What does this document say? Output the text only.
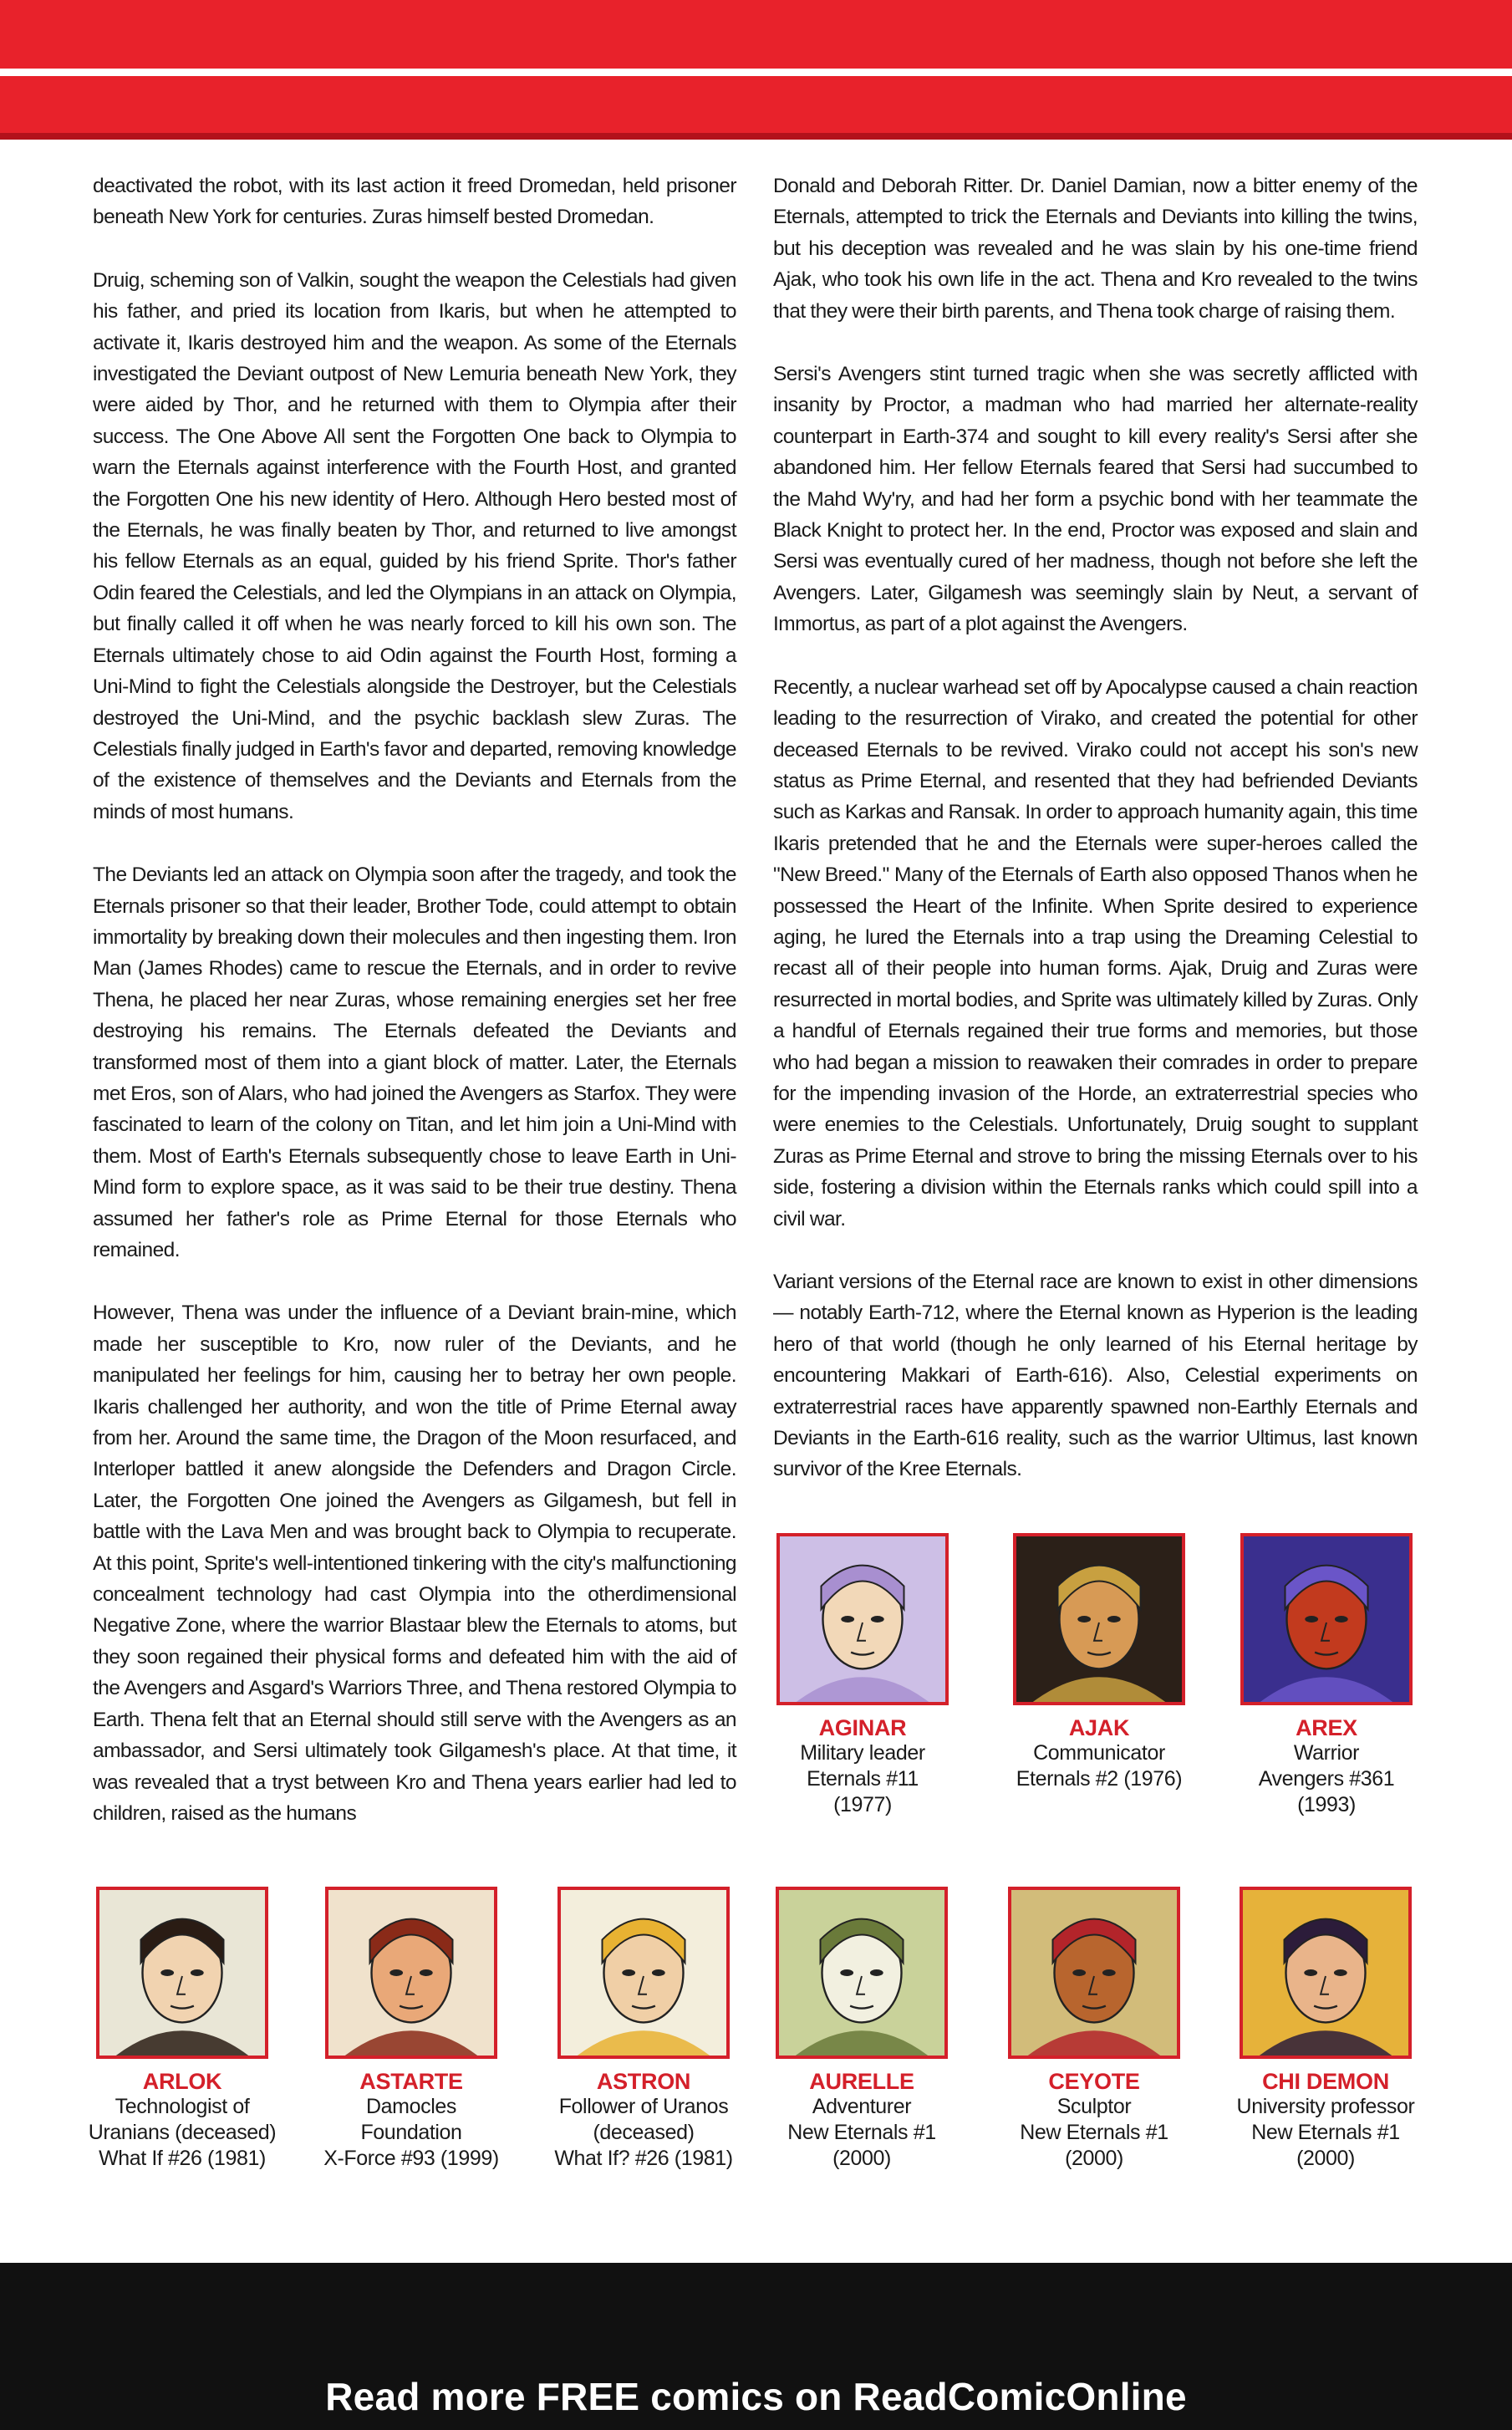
deactivated the robot, with its last action it freed Dromedan, held prisoner beneath New York for centuries. Zuras himself bested Dromedan.

Druig, scheming son of Valkin, sought the weapon the Celestials had given his father, and pried its location from Ikaris, but when he attempted to activate it, Ikaris destroyed him and the weapon. As some of the Eternals investigated the Deviant outpost of New Lemuria beneath New York, they were aided by Thor, and he returned with them to Olympia after their success. The One Above All sent the Forgotten One back to Olympia to warn the Eternals against interference with the Fourth Host, and granted the Forgotten One his new identity of Hero. Although Hero bested most of the Eternals, he was finally beaten by Thor, and returned to live amongst his fellow Eternals as an equal, guided by his friend Sprite. Thor's father Odin feared the Celestials, and led the Olympians in an attack on Olympia, but finally called it off when he was nearly forced to kill his own son. The Eternals ultimately chose to aid Odin against the Fourth Host, forming a Uni-Mind to fight the Celestials alongside the Destroyer, but the Celestials destroyed the Uni-Mind, and the psychic backlash slew Zuras. The Celestials finally judged in Earth's favor and departed, removing knowledge of the existence of themselves and the Deviants and Eternals from the minds of most humans.

The Deviants led an attack on Olympia soon after the tragedy, and took the Eternals prisoner so that their leader, Brother Tode, could attempt to obtain immortality by breaking down their molecules and then ingesting them. Iron Man (James Rhodes) came to rescue the Eternals, and in order to revive Thena, he placed her near Zuras, whose remaining energies set her free destroying his remains. The Eternals defeated the Deviants and transformed most of them into a giant block of matter. Later, the Eternals met Eros, son of Alars, who had joined the Avengers as Starfox. They were fascinated to learn of the colony on Titan, and let him join a Uni-Mind with them. Most of Earth's Eternals subsequently chose to leave Earth in Uni-Mind form to explore space, as it was said to be their true destiny. Thena assumed her father's role as Prime Eternal for those Eternals who remained.

However, Thena was under the influence of a Deviant brain-mine, which made her susceptible to Kro, now ruler of the Deviants, and he manipulated her feelings for him, causing her to betray her own people. Ikaris challenged her authority, and won the title of Prime Eternal away from her. Around the same time, the Dragon of the Moon resurfaced, and Interloper battled it anew alongside the Defenders and Dragon Circle. Later, the Forgotten One joined the Avengers as Gilgamesh, but fell in battle with the Lava Men and was brought back to Olympia to recuperate. At this point, Sprite's well-intentioned tinkering with the city's malfunctioning concealment technology had cast Olympia into the otherdimensional Negative Zone, where the warrior Blastaar blew the Eternals to atoms, but they soon regained their physical forms and defeated him with the aid of the Avengers and Asgard's Warriors Three, and Thena restored Olympia to Earth. Thena felt that an Eternal should still serve with the Avengers as an ambassador, and Sersi ultimately took Gilgamesh's place. At that time, it was revealed that a tryst between Kro and Thena years earlier had led to children, raised as the humans

Donald and Deborah Ritter. Dr. Daniel Damian, now a bitter enemy of the Eternals, attempted to trick the Eternals and Deviants into killing the twins, but his deception was revealed and he was slain by his one-time friend Ajak, who took his own life in the act. Thena and Kro revealed to the twins that they were their birth parents, and Thena took charge of raising them.

Sersi's Avengers stint turned tragic when she was secretly afflicted with insanity by Proctor, a madman who had married her alternate-reality counterpart in Earth-374 and sought to kill every reality's Sersi after she abandoned him. Her fellow Eternals feared that Sersi had succumbed to the Mahd Wy'ry, and had her form a psychic bond with her teammate the Black Knight to protect her. In the end, Proctor was exposed and slain and Sersi was eventually cured of her madness, though not before she left the Avengers. Later, Gilgamesh was seemingly slain by Neut, a servant of Immortus, as part of a plot against the Avengers.

Recently, a nuclear warhead set off by Apocalypse caused a chain reaction leading to the resurrection of Virako, and created the potential for other deceased Eternals to be revived. Virako could not accept his son's new status as Prime Eternal, and resented that they had befriended Deviants such as Karkas and Ransak. In order to approach humanity again, this time Ikaris pretended that he and the Eternals were super-heroes called the "New Breed." Many of the Eternals of Earth also opposed Thanos when he possessed the Heart of the Infinite. When Sprite desired to experience aging, he lured the Eternals into a trap using the Dreaming Celestial to recast all of their people into human forms. Ajak, Druig and Zuras were resurrected in mortal bodies, and Sprite was ultimately killed by Zuras. Only a handful of Eternals regained their true forms and memories, but those who had began a mission to reawaken their comrades in order to prepare for the impending invasion of the Horde, an extraterrestrial species who were enemies to the Celestials. Unfortunately, Druig sought to supplant Zuras as Prime Eternal and strove to bring the missing Eternals over to his side, fostering a division within the Eternals ranks which could spill into a civil war.

Variant versions of the Eternal race are known to exist in other dimensions — notably Earth-712, where the Eternal known as Hyperion is the leading hero of that world (though he only learned of his Eternal heritage by encountering Makkari of Earth-616). Also, Celestial experiments on extraterrestrial races have apparently spawned non-Earthly Eternals and Deviants in the Earth-616 reality, such as the warrior Ultimus, last known survivor of the Kree Eternals.

AGINAR
Military leader
Eternals #11
(1977)
AJAK
Communicator
Eternals #2 (1976)
AREX
Warrior
Avengers #361
(1993)
ARLOK
Technologist of
Uranians (deceased)
What If #26 (1981)
ASTARTE
Damocles
Foundation
X-Force #93 (1999)
ASTRON
Follower of Uranos
(deceased)
What If? #26 (1981)
AURELLE
Adventurer
New Eternals #1
(2000)
CEYOTE
Sculptor
New Eternals #1
(2000)
CHI DEMON
University professor
New Eternals #1
(2000)
Read more FREE comics on ReadComicOnline
